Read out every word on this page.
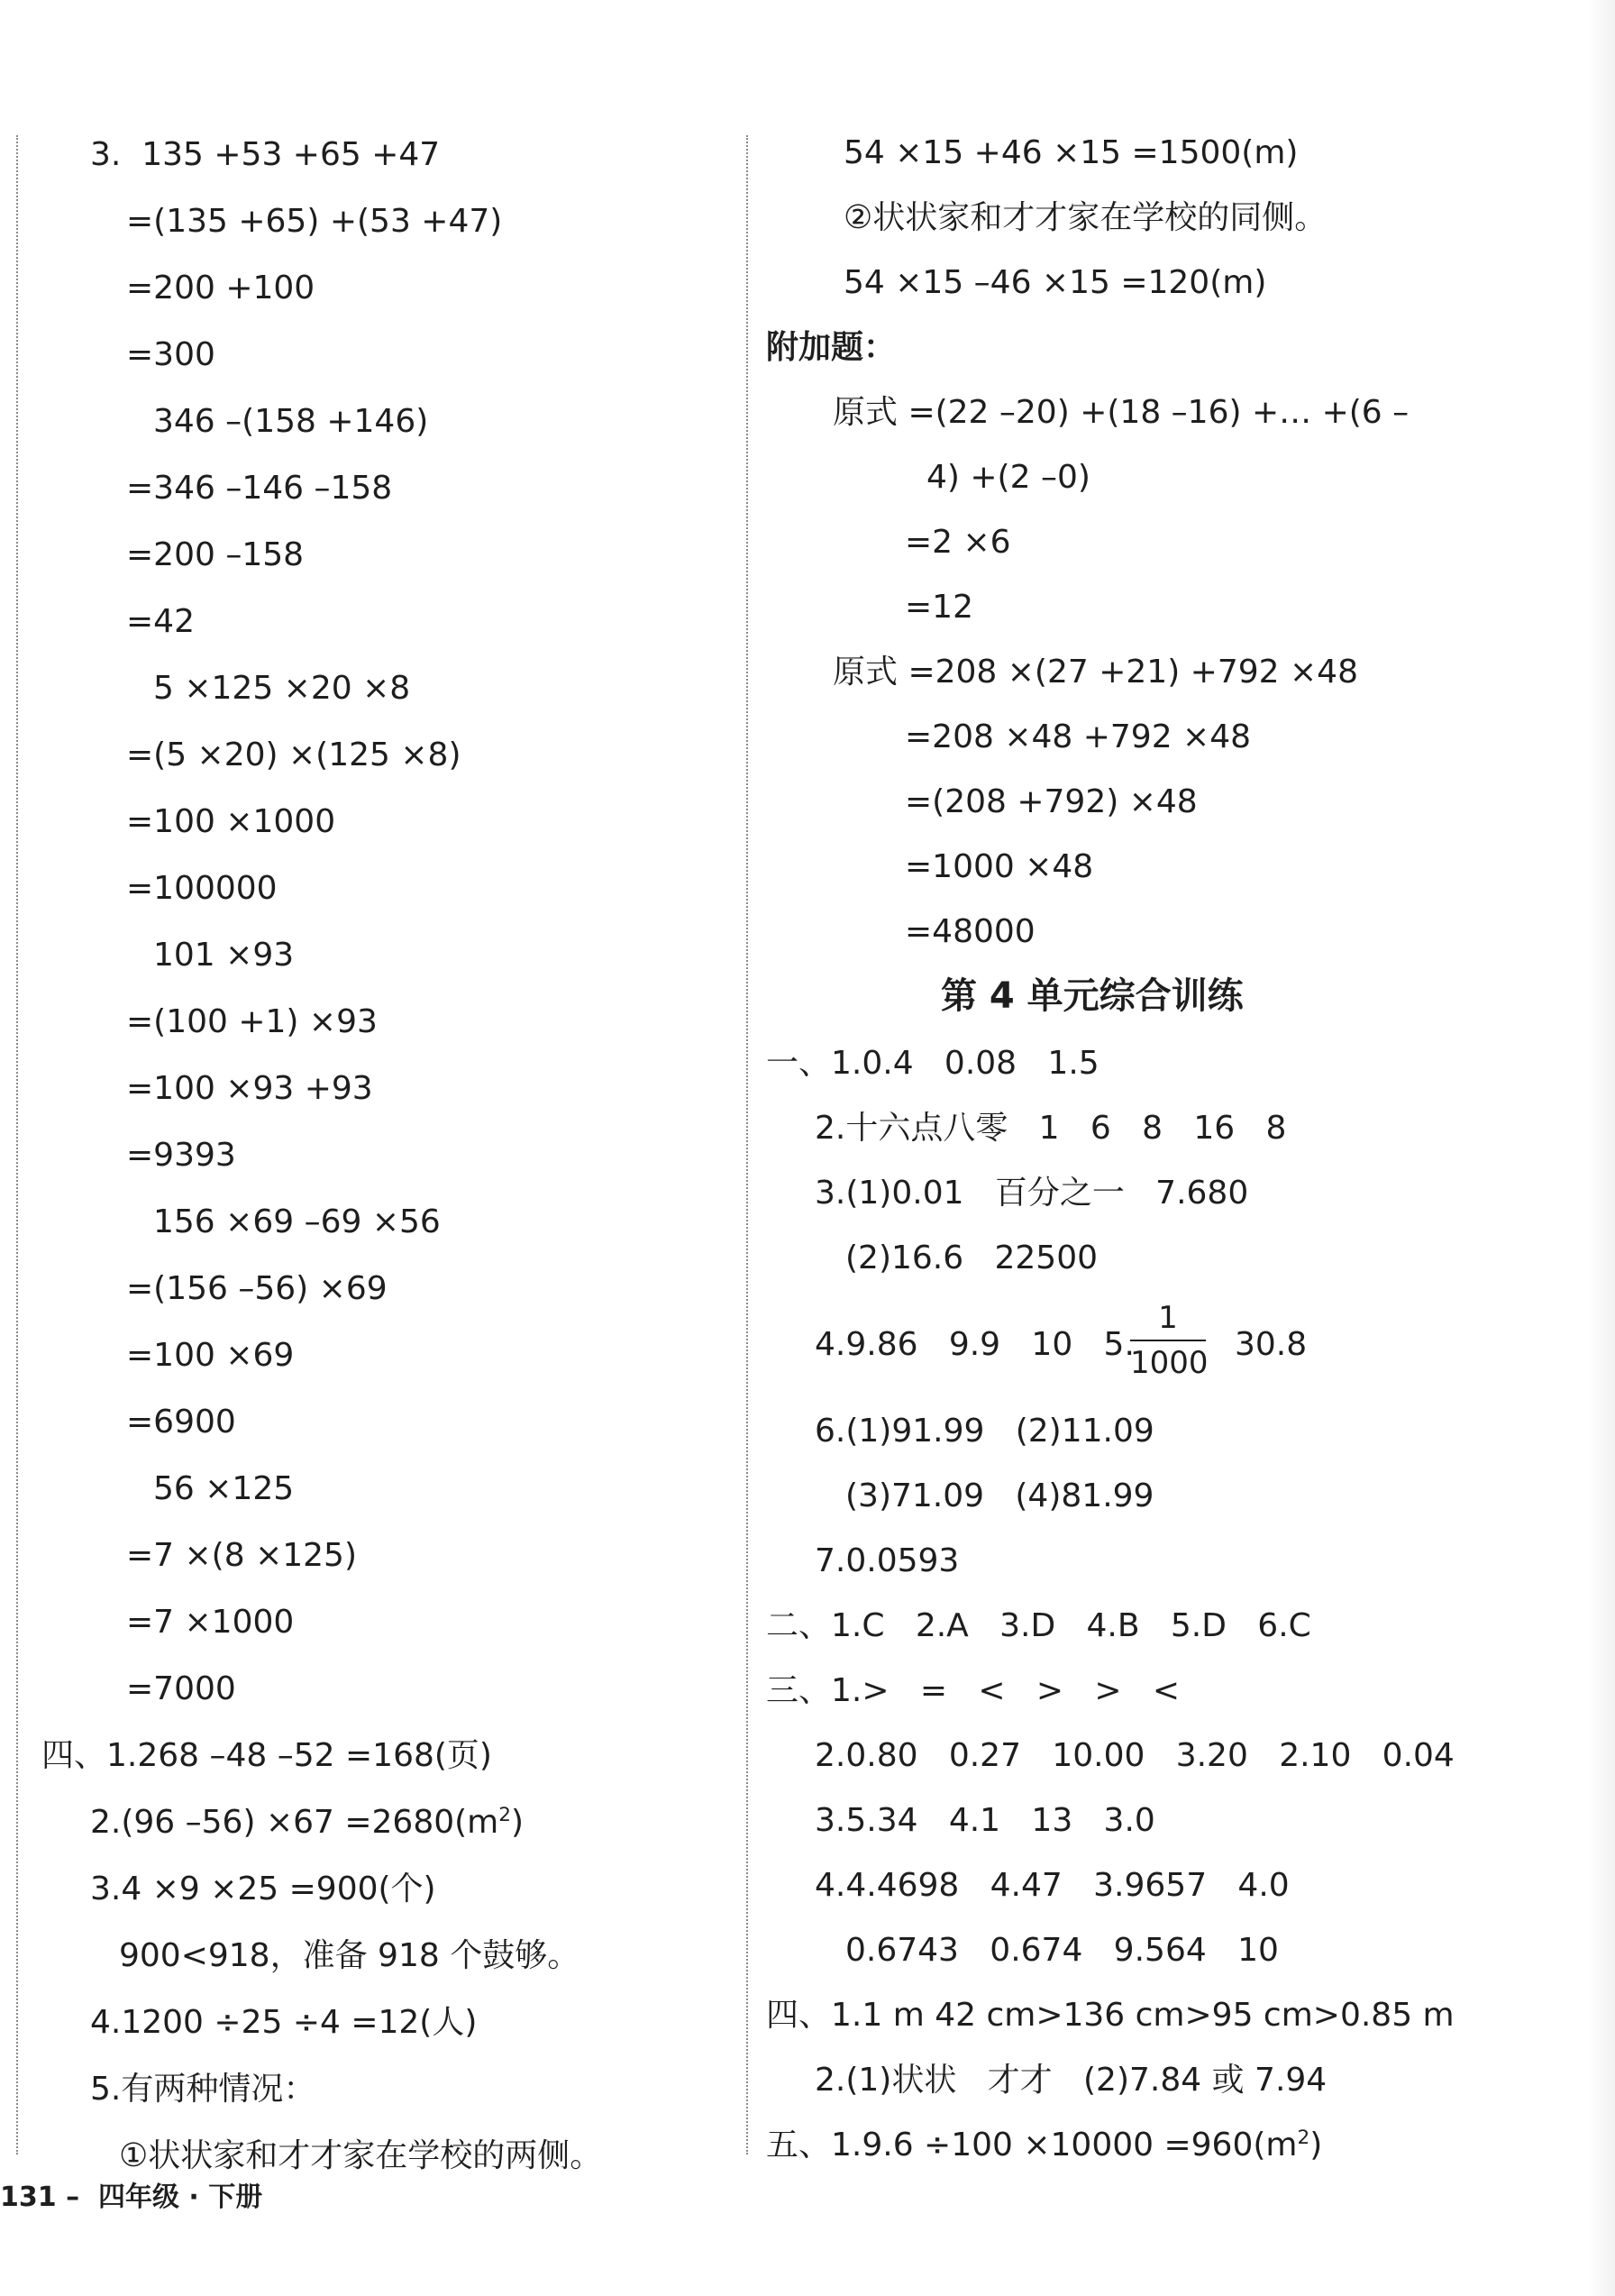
3.  135 +53 +65 +47
=(135 +65) +(53 +47)
=200 +100
=300
346 –(158 +146)
=346 –146 –158
=200 –158
=42
5 ×125 ×20 ×8
=(5 ×20) ×(125 ×8)
=100 ×1000
=100000
101 ×93
=(100 +1) ×93
=100 ×93 +93
=9393
156 ×69 –69 ×56
=(156 –56) ×69
=100 ×69
=6900
56 ×125
=7 ×(8 ×125)
=7 ×1000
=7000
四、1.268 –48 –52 =168(页)
2.(96 $-56) \times 67 =2680(m^2)$
3.4 ×9 ×25 =900(个)
900<918，准备 918 个鼓够。
4.1200 ÷25 ÷4 =12(人)
5.有两种情况：
①状状家和才才家在学校的两侧。
54 ×15 +46 ×15 =1500(m)
②状状家和才才家在学校的同侧。
54 ×15 –46 ×15 =120(m)
附加题：
原式 =(22 –20) +(18 –16) +… +(6 –
4) +(2 –0)
=2 ×6
=12
原式 =208 ×(27 +21) +792 ×48
=208 ×48 +792 ×48
=(208 +792) ×48
=1000 ×48
=48000
第 4 单元综合训练
一、1.0.4   0.08   1.5
2.十六点八零   1   6   8   16   8
3.(1)0.01   百分之一   7.680
(2)16.6   22500
4.9.86   9.9   10   5.
$\frac{1}{1000} 30.8$
6.(1)91.99   (2)11.09
(3)71.09   (4)81.99
7.0.0593
二、1.C   2.A   3.D   4.B   5.D   6.C
三、1.>   =   <   >   >   <
2.0.80   0.27   10.00   3.20   2.10   0.04
3.5.34   4.1   13   3.0
4.4.4698   4.47   3.9657   4.0
0.6743   0.674   9.564   10
四、1.1 m 42 cm>136 cm>95 cm>0.85 m
2.(1)状状   才才   (2)7.84 或 7.94
五、$1.9.6 \div 100 \times 10000 =960(m^2)$
131 –  四年级 · 下册
